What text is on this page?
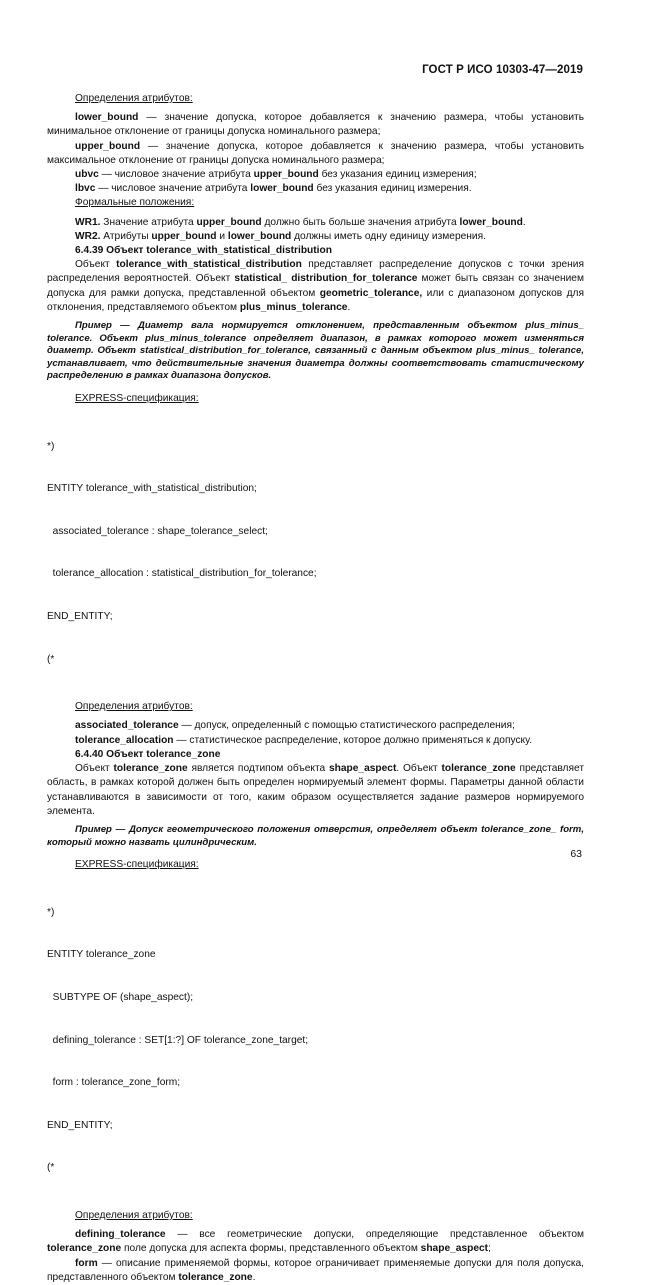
ГОСТ Р ИСО 10303-47—2019

Определения атрибутов:

lower_bound — значение допуска, которое добавляется к значению размера, чтобы установить минимальное отклонение от границы допуска номинального размера;

upper_bound — значение допуска, которое добавляется к значению размера, чтобы установить максимальное отклонение от границы допуска номинального размера;

ubvc — числовое значение атрибута upper_bound без указания единиц измерения;

lbvc — числовое значение атрибута lower_bound без указания единиц измерения.

Формальные положения:

WR1. Значение атрибута upper_bound должно быть больше значения атрибута lower_bound.

WR2. Атрибуты upper_bound и lower_bound должны иметь одну единицу измерения.

6.4.39 Объект tolerance_with_statistical_distribution

Объект tolerance_with_statistical_distribution представляет распределение допусков с точки зрения распределения вероятностей. Объект statistical_ distribution_for_tolerance может быть связан со значением допуска для рамки допуска, представленной объектом geometric_tolerance, или с диапазоном допусков для отклонения, представляемого объектом plus_minus_tolerance.

Пример — Диаметр вала нормируется отклонением, представленным объектом plus_minus_ tolerance. Объект plus_minus_tolerance определяет диапазон, в рамках которого может изменяться диаметр. Объект statistical_distribution_for_tolerance, связанный с данным объектом plus_minus_ tolerance, устанавливает, что действительные значения диаметра должны соответствовать статистическому распределению в рамках диапазона допусков.

EXPRESS-спецификация:

*)

ENTITY tolerance_with_statistical_distribution;

associated_tolerance : shape_tolerance_select;

tolerance_allocation : statistical_distribution_for_tolerance;

END_ENTITY;

(*

Определения атрибутов:

associated_tolerance — допуск, определенный с помощью статистического распределения;

tolerance_allocation — статистическое распределение, которое должно применяться к допуску.

6.4.40 Объект tolerance_zone

Объект tolerance_zone является подтипом объекта shape_aspect. Объект tolerance_zone представляет область, в рамках которой должен быть определен нормируемый элемент формы. Параметры данной области устанавливаются в зависимости от того, каким образом осуществляется задание размеров нормируемого элемента.

Пример — Допуск геометрического положения отверстия, определяет объект tolerance_zone_ form, который можно назвать цилиндрическим.

EXPRESS-спецификация:

*)

ENTITY tolerance_zone

SUBTYPE OF (shape_aspect);

defining_tolerance : SET[1:?] OF tolerance_zone_target;

form : tolerance_zone_form;

END_ENTITY;

(*

Определения атрибутов:

defining_tolerance — все геометрические допуски, определяющие представленное объектом tolerance_zone поле допуска для аспекта формы, представленного объектом shape_aspect;

form — описание применяемой формы, которое ограничивает применяемые допуски для поля допуска, представленного объектом tolerance_zone.

63
